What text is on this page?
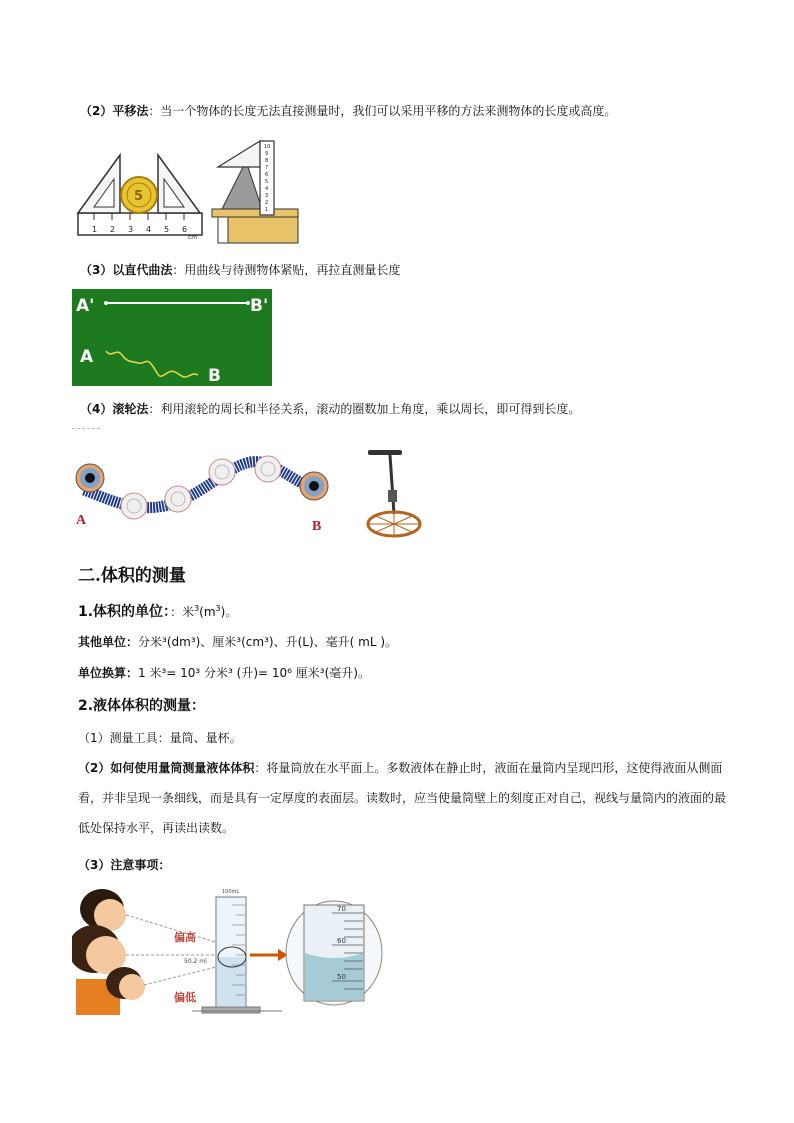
（2）平移法：当一个物体的长度无法直接测量时，我们可以采用平移的方法来测物体的长度或高度。
1 2 3 4 5 6
cm
5
10
9
8
7
6
5
4
3
2
1
（3）以直代曲法：用曲线与待测物体紧贴，再拉直测量长度
A'	B'
A
B
（4）滚轮法：利用滚轮的周长和半径关系，滚动的圈数加上角度，乘以周长，即可得到长度。
A	B
二.体积的测量
1.体积的单位：：米$^3(m^3)$。
其他单位：分米³(dm³)、厘米³(cm³)、升(L)、毫升( mL )。
单位换算：1 米³= 10³ 分米³ (升)= 10⁶ 厘米³(毫升)。
2.液体体积的测量：
（1）测量工具：量筒、量杯。
（2）如何使用量筒测量液体体积：将量筒放在水平面上。多数液体在静止时，液面在量筒内呈现凹形，这使得液面从侧面看，并非呈现一条细线，而是具有一定厚度的表面层。读数时，应当使量筒壁上的刻度正对自己，视线与量筒内的液面的最低处保持水平，再读出读数。
（3）注意事项：
偏高
偏低
100mL
50.2 ml
70
60
50
